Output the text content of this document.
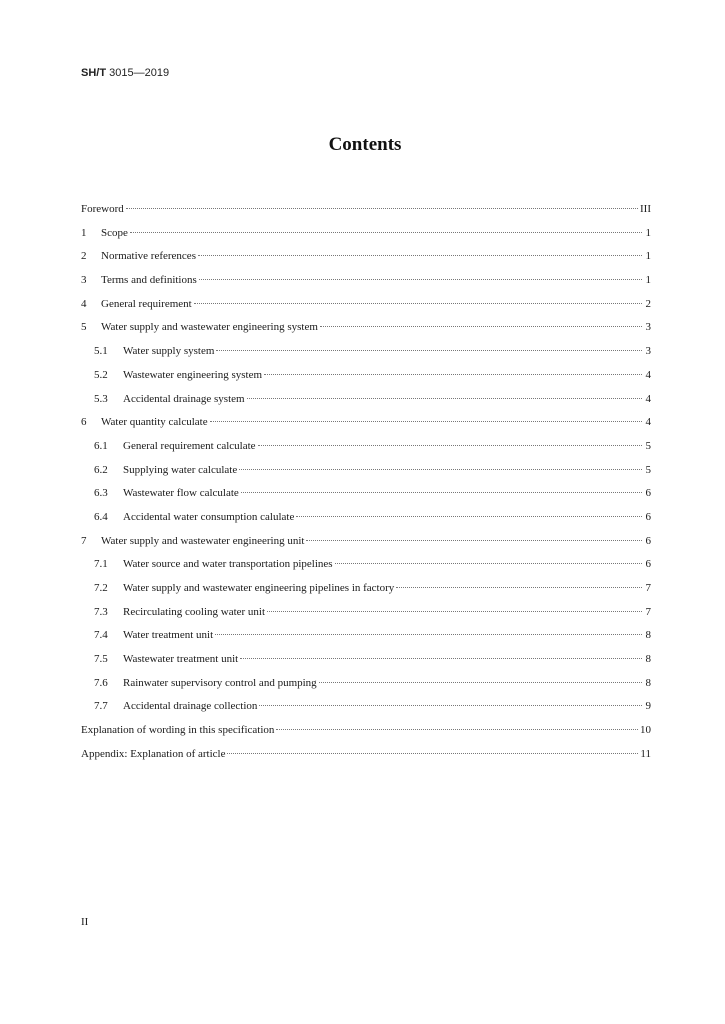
SH/T 3015—2019
Contents
Foreword	III
1	Scope	1
2	Normative references	1
3	Terms and definitions	1
4	General requirement	2
5	Water supply and wastewater engineering system	3
5.1	Water supply system	3
5.2	Wastewater engineering system	4
5.3	Accidental drainage system	4
6	Water quantity calculate	4
6.1	General requirement calculate	5
6.2	Supplying water calculate	5
6.3	Wastewater flow calculate	6
6.4	Accidental water consumption calulate	6
7	Water supply and wastewater engineering unit	6
7.1	Water source and water transportation pipelines	6
7.2	Water supply and wastewater engineering pipelines in factory	7
7.3	Recirculating cooling water unit	7
7.4	Water treatment unit	8
7.5	Wastewater treatment unit	8
7.6	Rainwater supervisory control and pumping	8
7.7	Accidental drainage collection	9
Explanation of wording in this specification	10
Appendix: Explanation of article	11
II
